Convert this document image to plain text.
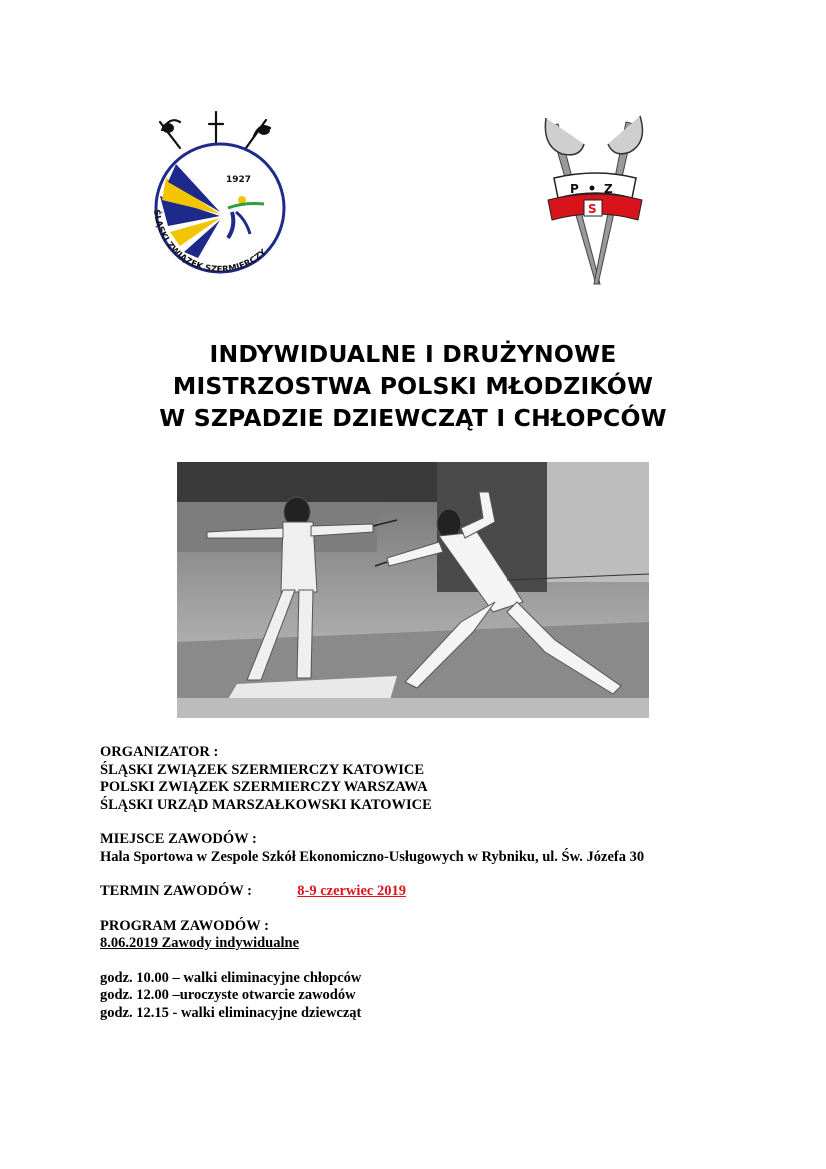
1927
ŚLĄSKI ZWIĄZEK SZERMIERCZY
P Z
S
INDYWIDUALNE I DRUŻYNOWE
MISTRZOSTWA POLSKI MŁODZIKÓW
W SZPADZIE DZIEWCZĄT I CHŁOPCÓW
ORGANIZATOR :
ŚLĄSKI ZWIĄZEK SZERMIERCZY KATOWICE
POLSKI ZWIĄZEK SZERMIERCZY WARSZAWA
ŚLĄSKI URZĄD MARSZAŁKOWSKI KATOWICE
MIEJSCE ZAWODÓW :
Hala Sportowa w Zespole Szkół Ekonomiczno-Usługowych w Rybniku, ul. Św. Józefa 30
TERMIN ZAWODÓW :	8-9 czerwiec 2019
PROGRAM ZAWODÓW :
8.06.2019 Zawody indywidualne
godz. 10.00 – walki eliminacyjne chłopców
godz. 12.00 –uroczyste otwarcie zawodów
godz. 12.15 - walki eliminacyjne dziewcząt
